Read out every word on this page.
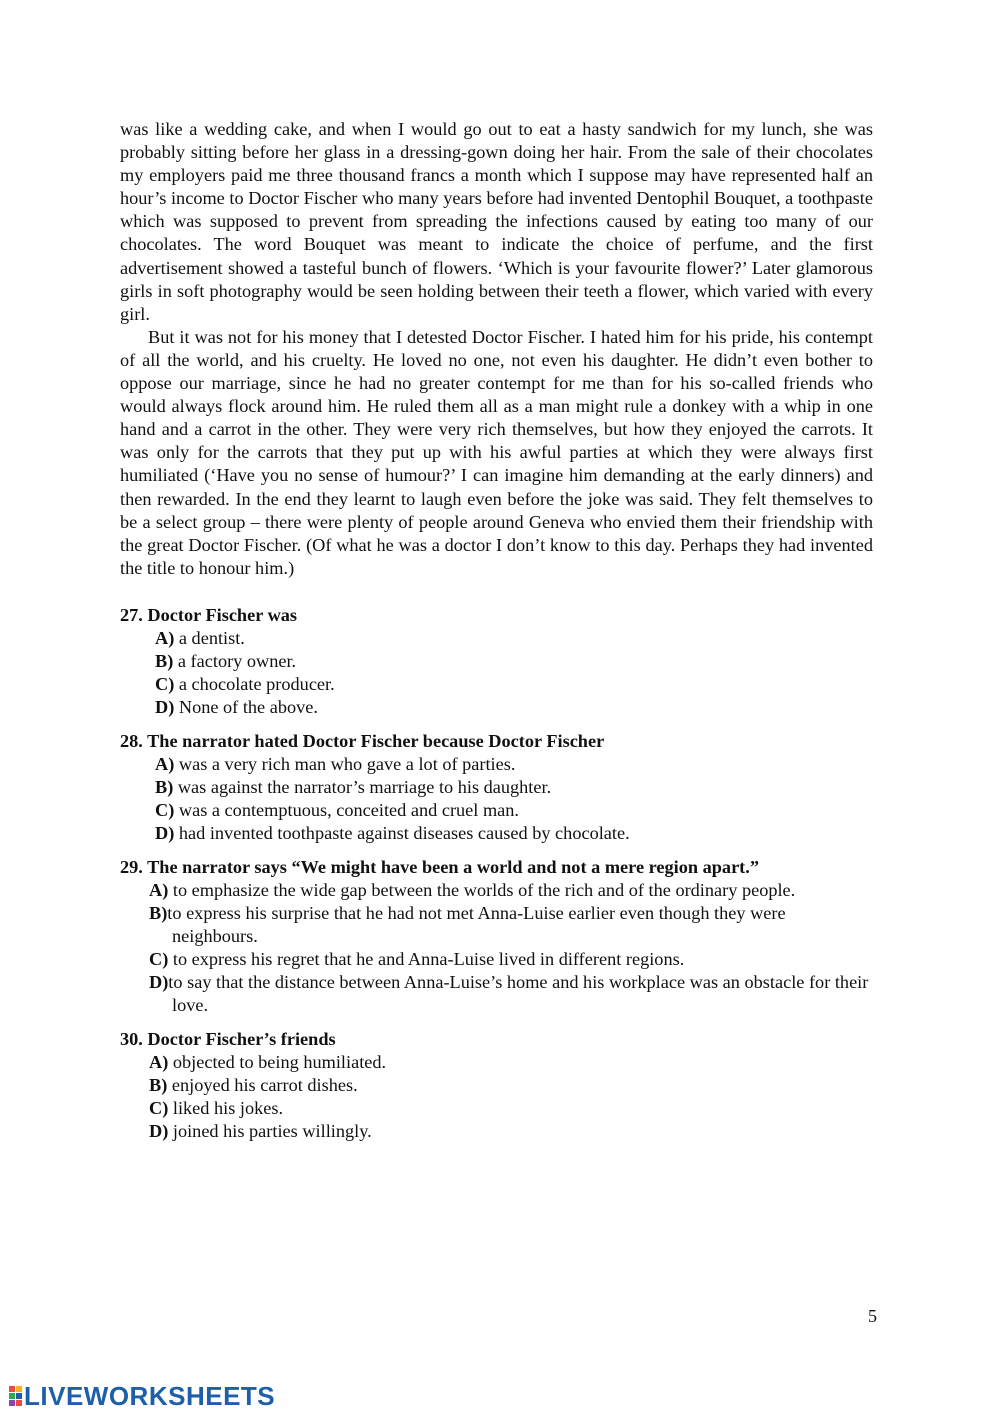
was like a wedding cake, and when I would go out to eat a hasty sandwich for my lunch, she was probably sitting before her glass in a dressing-gown doing her hair. From the sale of their chocolates my employers paid me three thousand francs a month which I suppose may have represented half an hour’s income to Doctor Fischer who many years before had invented Dentophil Bouquet, a toothpaste which was supposed to prevent from spreading the infections caused by eating too many of our chocolates. The word Bouquet was meant to indicate the choice of perfume, and the first advertisement showed a tasteful bunch of flowers. ‘Which is your favourite flower?’ Later glamorous girls in soft photography would be seen holding between their teeth a flower, which varied with every girl.

But it was not for his money that I detested Doctor Fischer. I hated him for his pride, his contempt of all the world, and his cruelty. He loved no one, not even his daughter. He didn’t even bother to oppose our marriage, since he had no greater contempt for me than for his so-called friends who would always flock around him. He ruled them all as a man might rule a donkey with a whip in one hand and a carrot in the other. They were very rich themselves, but how they enjoyed the carrots. It was only for the carrots that they put up with his awful parties at which they were always first humiliated (‘Have you no sense of humour?’ I can imagine him demanding at the early dinners) and then rewarded. In the end they learnt to laugh even before the joke was said. They felt themselves to be a select group – there were plenty of people around Geneva who envied them their friendship with the great Doctor Fischer. (Of what he was a doctor I don’t know to this day. Perhaps they had invented the title to honour him.)

27. Doctor Fischer was
A) a dentist.
B) a factory owner.
C) a chocolate producer.
D) None of the above.
28. The narrator hated Doctor Fischer because Doctor Fischer
A) was a very rich man who gave a lot of parties.
B) was against the narrator’s marriage to his daughter.
C) was a contemptuous, conceited and cruel man.
D) had invented toothpaste against diseases caused by chocolate.
29. The narrator says “We might have been a world and not a mere region apart.”
A) to emphasize the wide gap between the worlds of the rich and of the ordinary people.
B)to express his surprise that he had not met Anna-Luise earlier even though they were neighbours.
C) to express his regret that he and Anna-Luise lived in different regions.
D)to say that the distance between Anna-Luise’s home and his workplace was an obstacle for their love.
30. Doctor Fischer’s friends
A) objected to being humiliated.
B) enjoyed his carrot dishes.
C) liked his jokes.
D) joined his parties willingly.
5
LIVEWORKSHEETS
